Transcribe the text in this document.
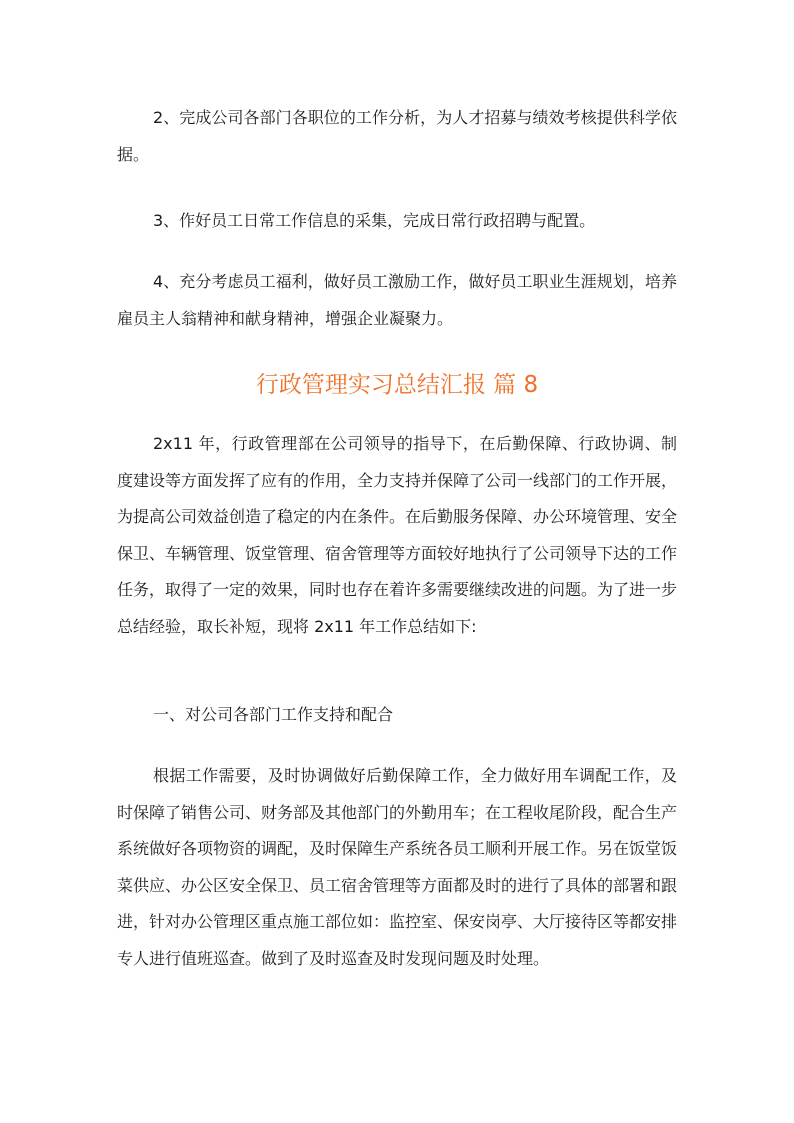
2、完成公司各部门各职位的工作分析，为人才招募与绩效考核提供科学依据。

3、作好员工日常工作信息的采集，完成日常行政招聘与配置。

4、充分考虑员工福利，做好员工激励工作，做好员工职业生涯规划，培养雇员主人翁精神和献身精神，增强企业凝聚力。

行政管理实习总结汇报 篇 8

2x11 年，行政管理部在公司领导的指导下，在后勤保障、行政协调、制度建设等方面发挥了应有的作用，全力支持并保障了公司一线部门的工作开展，为提高公司效益创造了稳定的内在条件。在后勤服务保障、办公环境管理、安全保卫、车辆管理、饭堂管理、宿舍管理等方面较好地执行了公司领导下达的工作任务，取得了一定的效果，同时也存在着许多需要继续改进的问题。为了进一步总结经验，取长补短，现将 2x11 年工作总结如下:

一、对公司各部门工作支持和配合

根据工作需要，及时协调做好后勤保障工作，全力做好用车调配工作，及时保障了销售公司、财务部及其他部门的外勤用车；在工程收尾阶段，配合生产系统做好各项物资的调配，及时保障生产系统各员工顺利开展工作。另在饭堂饭菜供应、办公区安全保卫、员工宿舍管理等方面都及时的进行了具体的部署和跟进，针对办公管理区重点施工部位如：监控室、保安岗亭、大厅接待区等都安排专人进行值班巡查。做到了及时巡查及时发现问题及时处理。
